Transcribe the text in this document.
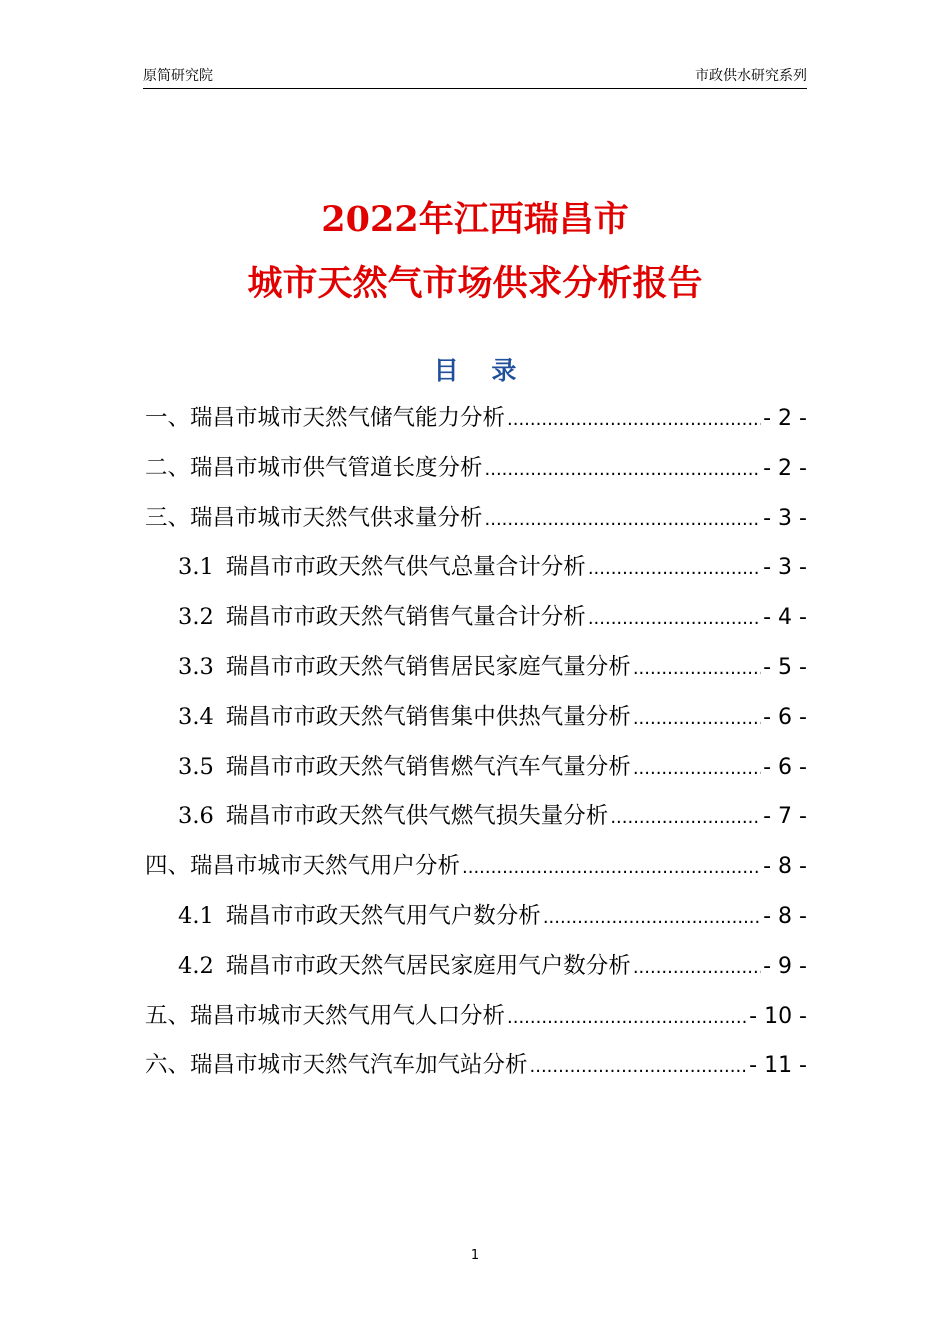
原简研究院	市政供水研究系列
2022年江西瑞昌市
城市天然气市场供求分析报告
目 录
一、瑞昌市城市天然气储气能力分析 .....	- 2 -
二、瑞昌市城市供气管道长度分析 .....	- 2 -
三、瑞昌市城市天然气供求量分析 .....	- 3 -
3.1 瑞昌市市政天然气供气总量合计分析 .....	- 3 -
3.2 瑞昌市市政天然气销售气量合计分析 .....	- 4 -
3.3 瑞昌市市政天然气销售居民家庭气量分析 .....	- 5 -
3.4 瑞昌市市政天然气销售集中供热气量分析 .....	- 6 -
3.5 瑞昌市市政天然气销售燃气汽车气量分析 .....	- 6 -
3.6 瑞昌市市政天然气供气燃气损失量分析 .....	- 7 -
四、瑞昌市城市天然气用户分析 .....	- 8 -
4.1 瑞昌市市政天然气用气户数分析 .....	- 8 -
4.2 瑞昌市市政天然气居民家庭用气户数分析 .....	- 9 -
五、瑞昌市城市天然气用气人口分析 .....	- 10 -
六、瑞昌市城市天然气汽车加气站分析 .....	- 11 -
1
